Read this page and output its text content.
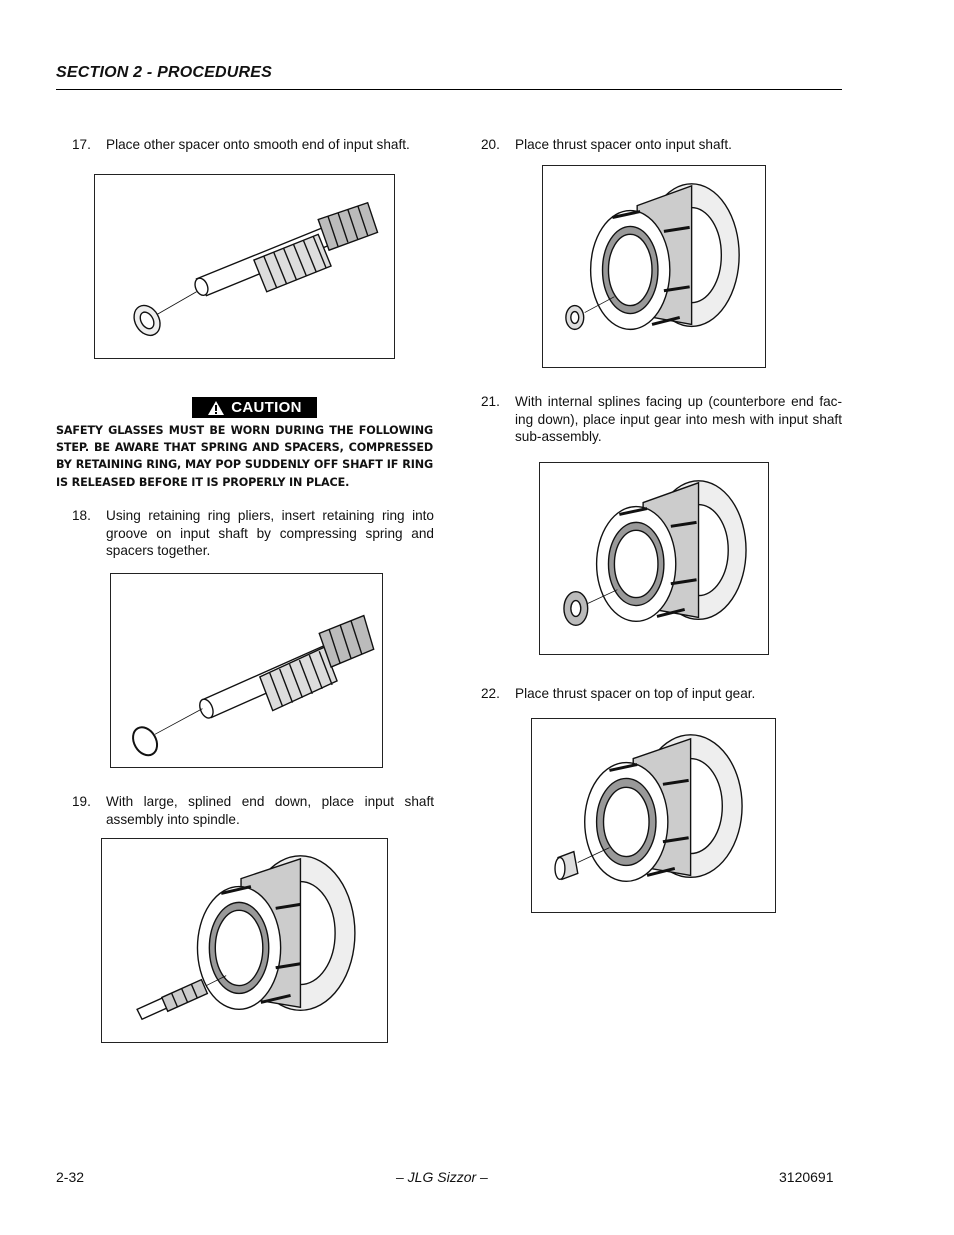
SECTION 2 - PROCEDURES
17. Place other spacer onto smooth end of input shaft.
CAUTION
SAFETY GLASSES MUST BE WORN DURING THE FOLLOWING STEP. BE AWARE THAT SPRING AND SPACERS, COMPRESSED BY RETAINING RING, MAY POP SUDDENLY OFF SHAFT IF RING IS RELEASED BEFORE IT IS PROPERLY IN PLACE.
18. Using retaining ring pliers, insert retaining ring into groove on input shaft by compressing spring and spacers together.
19. With large, splined end down, place input shaft assembly into spindle.
20. Place thrust spacer onto input shaft.
21. With internal splines facing up (counterbore end fac-ing down), place input gear into mesh with input shaft sub-assembly.
22. Place thrust spacer on top of input gear.
2-32	– JLG Sizzor –	3120691
